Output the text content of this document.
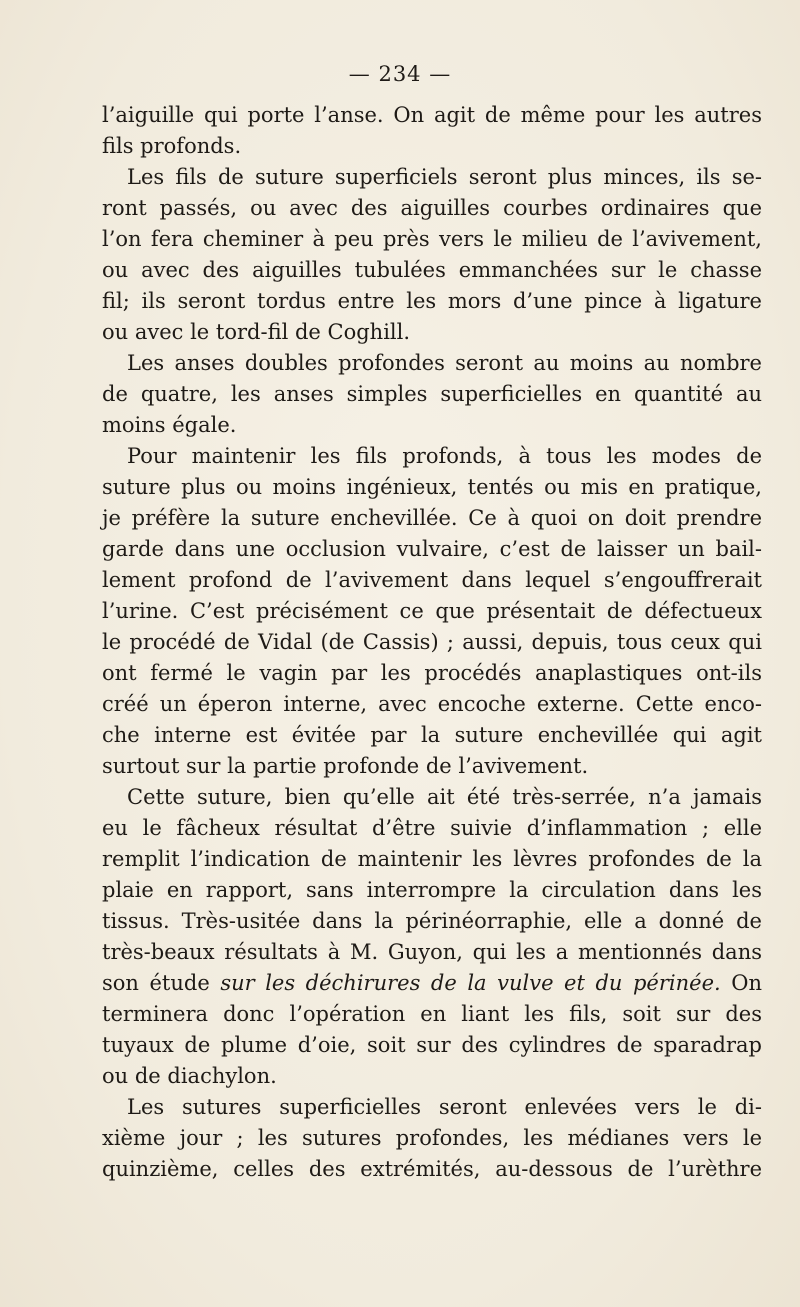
— 234 —
l’aiguille qui porte l’anse. On agit de même pour les autres
fils profonds.
Les fils de suture superficiels seront plus minces, ils se-
ront passés, ou avec des aiguilles courbes ordinaires que
l’on fera cheminer à peu près vers le milieu de l’avivement,
ou avec des aiguilles tubulées emmanchées sur le chasse
fil; ils seront tordus entre les mors d’une pince à ligature
ou avec le tord-fil de Coghill.
Les anses doubles profondes seront au moins au nombre
de quatre, les anses simples superficielles en quantité au
moins égale.
Pour maintenir les fils profonds, à tous les modes de
suture plus ou moins ingénieux, tentés ou mis en pratique,
je préfère la suture enchevillée. Ce à quoi on doit prendre
garde dans une occlusion vulvaire, c’est de laisser un bail-
lement profond de l’avivement dans lequel s’engouffrerait
l’urine. C’est précisément ce que présentait de défectueux
le procédé de Vidal (de Cassis) ; aussi, depuis, tous ceux qui
ont fermé le vagin par les procédés anaplastiques ont-ils
créé un éperon interne, avec encoche externe. Cette enco-
che interne est évitée par la suture enchevillée qui agit
surtout sur la partie profonde de l’avivement.
Cette suture, bien qu’elle ait été très-serrée, n’a jamais
eu le fâcheux résultat d’être suivie d’inflammation ; elle
remplit l’indication de maintenir les lèvres profondes de la
plaie en rapport, sans interrompre la circulation dans les
tissus. Très-usitée dans la périnéorraphie, elle a donné de
très-beaux résultats à M. Guyon, qui les a mentionnés dans
son étude sur les déchirures de la vulve et du périnée. On
terminera donc l’opération en liant les fils, soit sur des
tuyaux de plume d’oie, soit sur des cylindres de sparadrap
ou de diachylon.
Les sutures superficielles seront enlevées vers le di-
xième jour ; les sutures profondes, les médianes vers le
quinzième, celles des extrémités, au-dessous de l’urèthre
